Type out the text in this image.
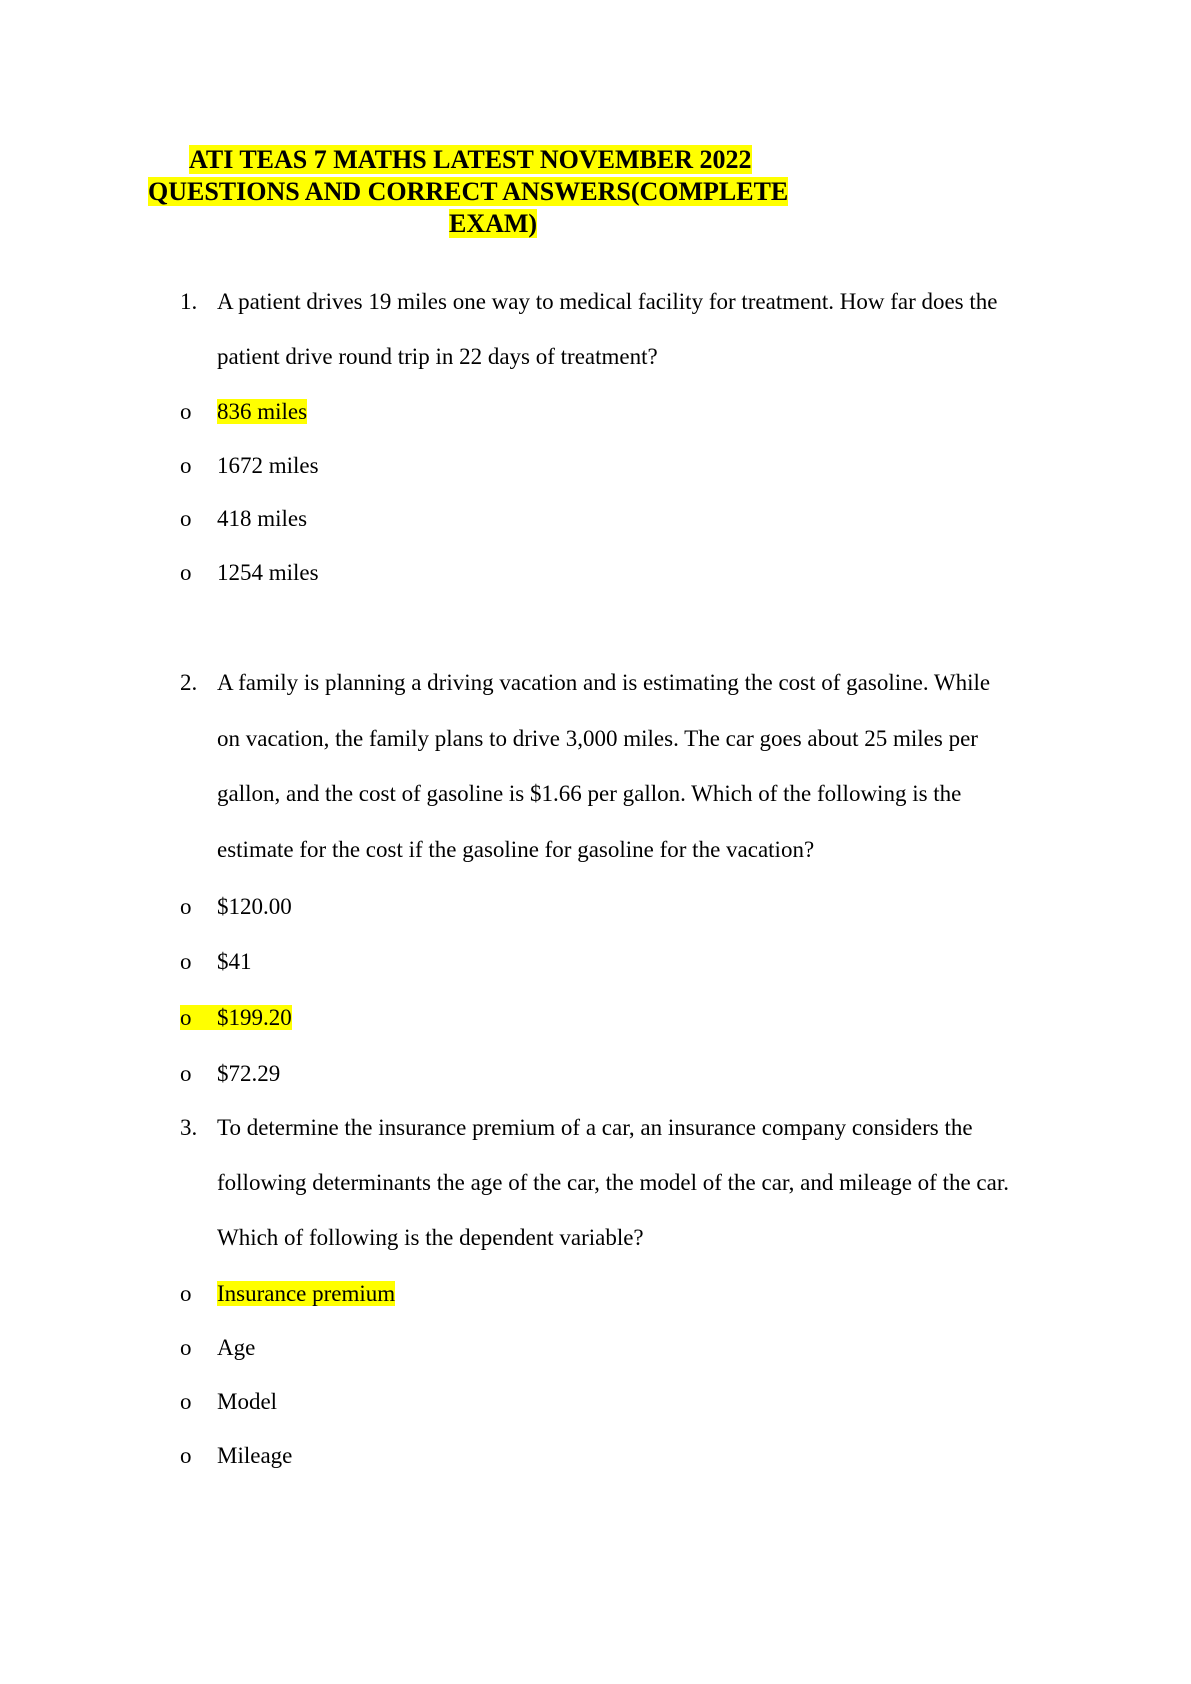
ATI TEAS 7 MATHS LATEST NOVEMBER 2022
QUESTIONS AND CORRECT ANSWERS(COMPLETE
EXAM)
1. A patient drives 19 miles one way to medical facility for treatment. How far does the
patient drive round trip in 22 days of treatment?
o 836 miles
o 1672 miles
o 418 miles
o 1254 miles
2. A family is planning a driving vacation and is estimating the cost of gasoline. While
on vacation, the family plans to drive 3,000 miles. The car goes about 25 miles per
gallon, and the cost of gasoline is $1.66 per gallon. Which of the following is the
estimate for the cost if the gasoline for gasoline for the vacation?
o $120.00
o $41
o $199.20
o $72.29
3. To determine the insurance premium of a car, an insurance company considers the
following determinants the age of the car, the model of the car, and mileage of the car.
Which of following is the dependent variable?
o Insurance premium
o Age
o Model
o Mileage
